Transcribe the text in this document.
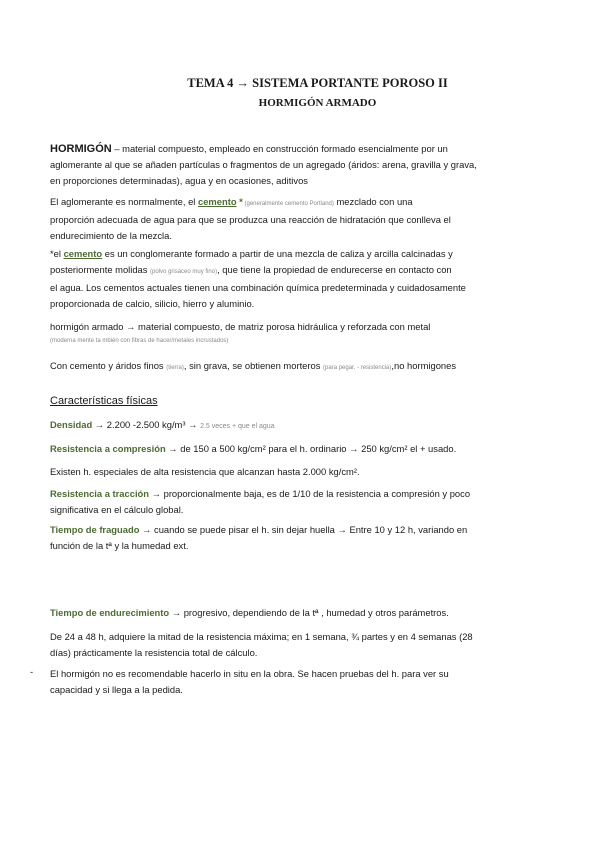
TEMA 4 → SISTEMA PORTANTE POROSO II
HORMIGÓN ARMADO
HORMIGÓN – material compuesto, empleado en construcción formado esencialmente por un
aglomerante al que se añaden partículas o fragmentos de un agregado (áridos: arena, gravilla y grava,
en proporciones determinadas), agua y en ocasiones, aditivos
El aglomerante es normalmente, el cemento * (generalmente cemento Portland) mezclado con una
proporción adecuada de agua para que se produzca una reacción de hidratación que conlleva el
endurecimiento de la mezcla.
*el cemento es un conglomerante formado a partir de una mezcla de caliza y arcilla calcinadas y
posteriormente molidas (polvo grisáceo muy fino), que tiene la propiedad de endurecerse en contacto con
el agua. Los cementos actuales tienen una combinación química predeterminada y cuidadosamente
proporcionada de calcio, silicio, hierro y aluminio.
hormigón armado → material compuesto, de matriz porosa hidráulica y reforzada con metal
(moderna mente ta mbién con fibras de hacer/metales incrustados)
Con cemento y áridos finos (tierra), sin grava, se obtienen morteros (para pegar. - resistencia),no hormigones
Características físicas
Densidad → 2.200 -2.500 kg/m³ → 2.5 veces + que el agua
Resistencia a compresión → de 150 a 500 kg/cm² para el h. ordinario → 250 kg/cm² el + usado.
Existen h. especiales de alta resistencia que alcanzan hasta 2.000 kg/cm².
Resistencia a tracción → proporcionalmente baja, es de 1/10 de la resistencia a compresión y poco
significativa en el cálculo global.
Tiempo de fraguado → cuando se puede pisar el h. sin dejar huella → Entre 10 y 12 h, variando en
función de la tª y la humedad ext.
Tiempo de endurecimiento → progresivo, dependiendo de la tª , humedad y otros parámetros.
De 24 a 48 h, adquiere la mitad de la resistencia máxima; en 1 semana, ¾ partes y en 4 semanas (28
días) prácticamente la resistencia total de cálculo.
- El hormigón no es recomendable hacerlo in situ en la obra. Se hacen pruebas del h. para ver su
capacidad y si llega a la pedida.
